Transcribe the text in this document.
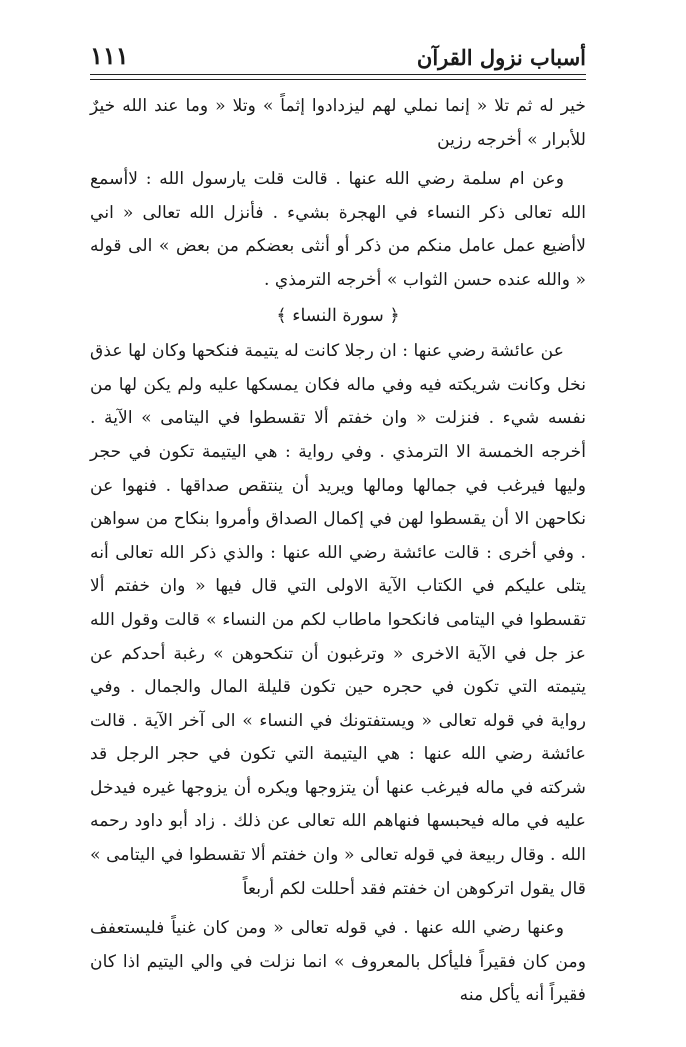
أسباب نزول القرآن
١١١

خير له ثم تلا « إنما نملي لهم ليزدادوا إثماً » وتلا « وما عند الله خيرٌ للأبرار » أخرجه رزين

وعن ام سلمة رضي الله عنها . قالت قلت يارسول الله : لاأسمع الله تعالى ذكر النساء في الهجرة بشيء . فأنزل الله تعالى « اني لاأضيع عمل عامل منكم من ذكر أو أنثى بعضكم من بعض » الى قوله « والله عنده حسن الثواب » أخرجه الترمذي .

﴿ سورة النساء ﴾

عن عائشة رضي عنها : ان رجلا كانت له يتيمة فنكحها وكان لها عذق نخل وكانت شريكته فيه وفي ماله فكان يمسكها عليه ولم يكن لها من نفسه شيء . فنزلت « وان خفتم ألا تقسطوا في اليتامى » الآية . أخرجه الخمسة الا الترمذي . وفي رواية : هي اليتيمة تكون في حجر وليها فيرغب في جمالها ومالها ويريد أن ينتقص صداقها . فنهوا عن نكاحهن الا أن يقسطوا لهن في إكمال الصداق وأمروا بنكاح من سواهن . وفي أخرى : قالت عائشة رضي الله عنها : والذي ذكر الله تعالى أنه يتلى عليكم في الكتاب الآية الاولى التي قال فيها « وان خفتم ألا تقسطوا في اليتامى فانكحوا ماطاب لكم من النساء » قالت وقول الله عز جل في الآية الاخرى « وترغبون أن تنكحوهن » رغبة أحدكم عن يتيمته التي تكون في حجره حين تكون قليلة المال والجمال . وفي رواية في قوله تعالى « ويستفتونك في النساء » الى آخر الآية . قالت عائشة رضي الله عنها : هي اليتيمة التي تكون في حجر الرجل قد شركته في ماله فيرغب عنها أن يتزوجها ويكره أن يزوجها غيره فيدخل عليه في ماله فيحبسها فنهاهم الله تعالى عن ذلك . زاد أبو داود رحمه الله . وقال ربيعة في قوله تعالى « وان خفتم ألا تقسطوا في اليتامى » قال يقول اتركوهن ان خفتم فقد أحللت لكم أربعاً

وعنها رضي الله عنها . في قوله تعالى « ومن كان غنياً فليستعفف ومن كان فقيراً فليأكل بالمعروف » انما نزلت في والي اليتيم اذا كان فقيراً أنه يأكل منه
